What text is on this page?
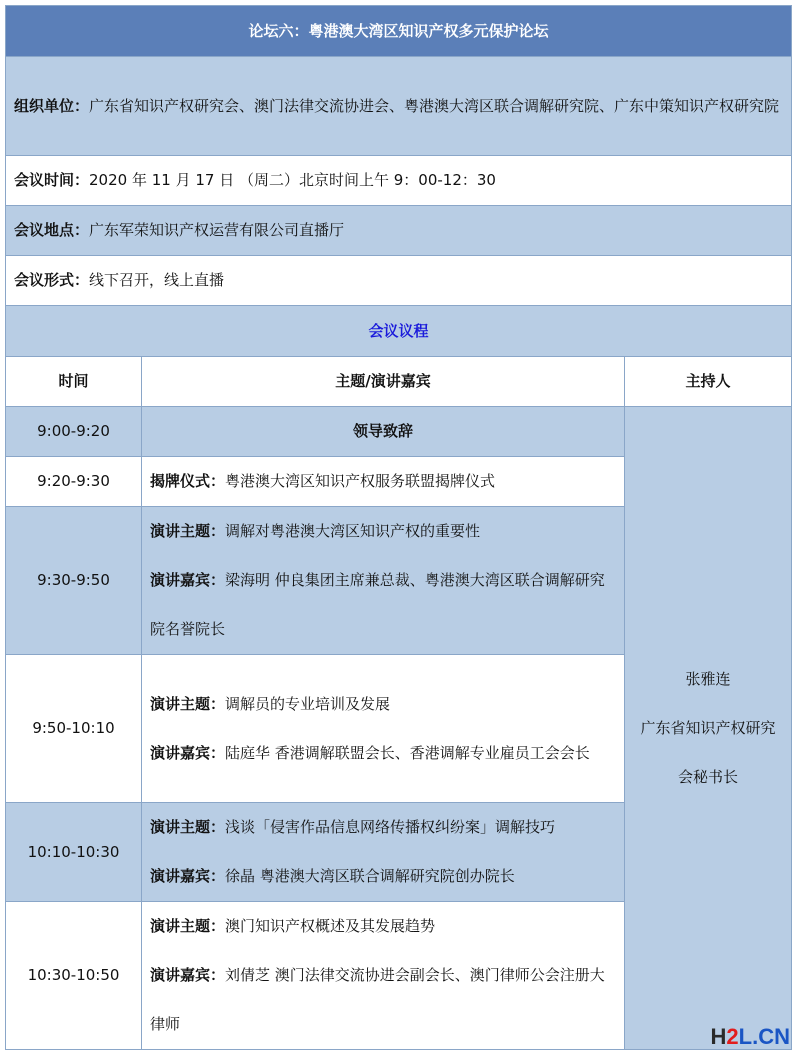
论坛六：粤港澳大湾区知识产权多元保护论坛		
组织单位：广东省知识产权研究会、澳门法律交流协进会、粤港澳大湾区联合调解研究院、广东中策知识产权研究院		
会议时间：2020 年 11 月 17 日 （周二）北京时间上午 9：00-12：30		
会议地点：广东军荣知识产权运营有限公司直播厅		
会议形式：线下召开，线上直播		
会议议程		
时间	主题/演讲嘉宾	主持人
9:00-9:20	领导致辞	张雅连
广东省知识产权研究
会秘书长

9:20-9:30	揭牌仪式：粤港澳大湾区知识产权服务联盟揭牌仪式	
9:30-9:50	演讲主题：调解对粤港澳大湾区知识产权的重要性
演讲嘉宾：梁海明 仲良集团主席兼总裁、粤港澳大湾区联合调解研究院名誉院长	

9:50-10:10	演讲主题：调解员的专业培训及发展
演讲嘉宾：陆庭华 香港调解联盟会长、香港调解专业雇员工会会长	

10:10-10:30	演讲主题：浅谈「侵害作品信息网络传播权纠纷案」调解技巧
演讲嘉宾：徐晶 粤港澳大湾区联合调解研究院创办院长	

10:30-10:50	演讲主题：澳门知识产权概述及其发展趋势
演讲嘉宾：刘倩芝 澳门法律交流协进会副会长、澳门律师公会注册大律师		H2L.CN
